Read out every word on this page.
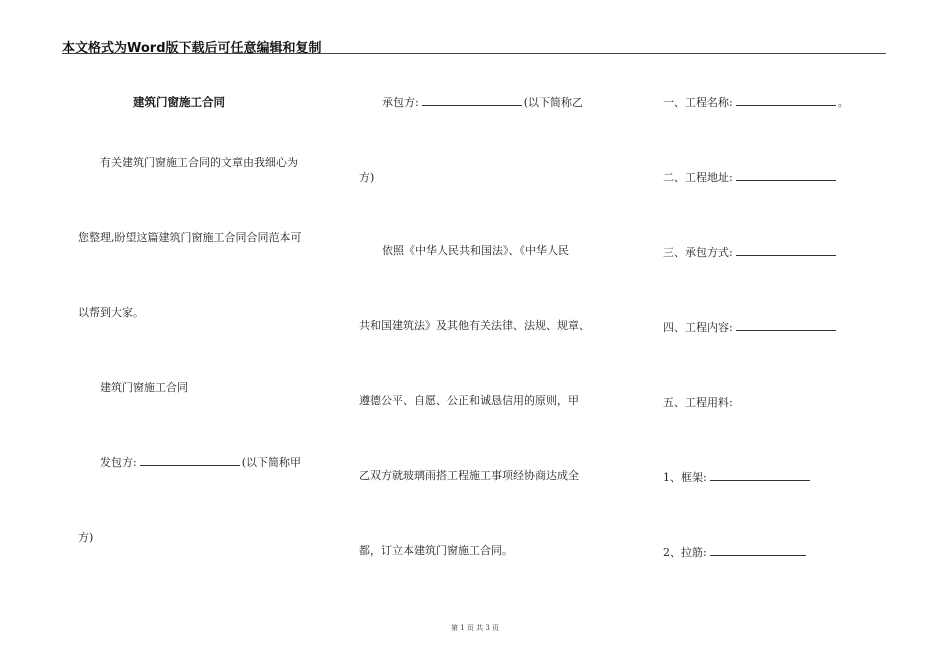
本文格式为Word版下载后可任意编辑和复制
建筑门窗施工合同
有关建筑门窗施工合同的文章由我细心为
您整理,盼望这篇建筑门窗施工合同合同范本可
以帮到大家。
建筑门窗施工合同
发包方:	(以下简称甲
方)
承包方:	(以下简称乙
方)
依照《中华人民共和国法》、《中华人民
共和国建筑法》及其他有关法律、法规、规章、
遵德公平、自愿、公正和诚恳信用的原则，甲
乙双方就玻璃雨搭工程施工事项经协商达成全
都，订立本建筑门窗施工合同。
一、工程名称:	。
二、工程地址:
三、承包方式:
四、工程内容:
五、工程用料:
1、框架:
2、拉筋:
第 1 页 共 3 页
